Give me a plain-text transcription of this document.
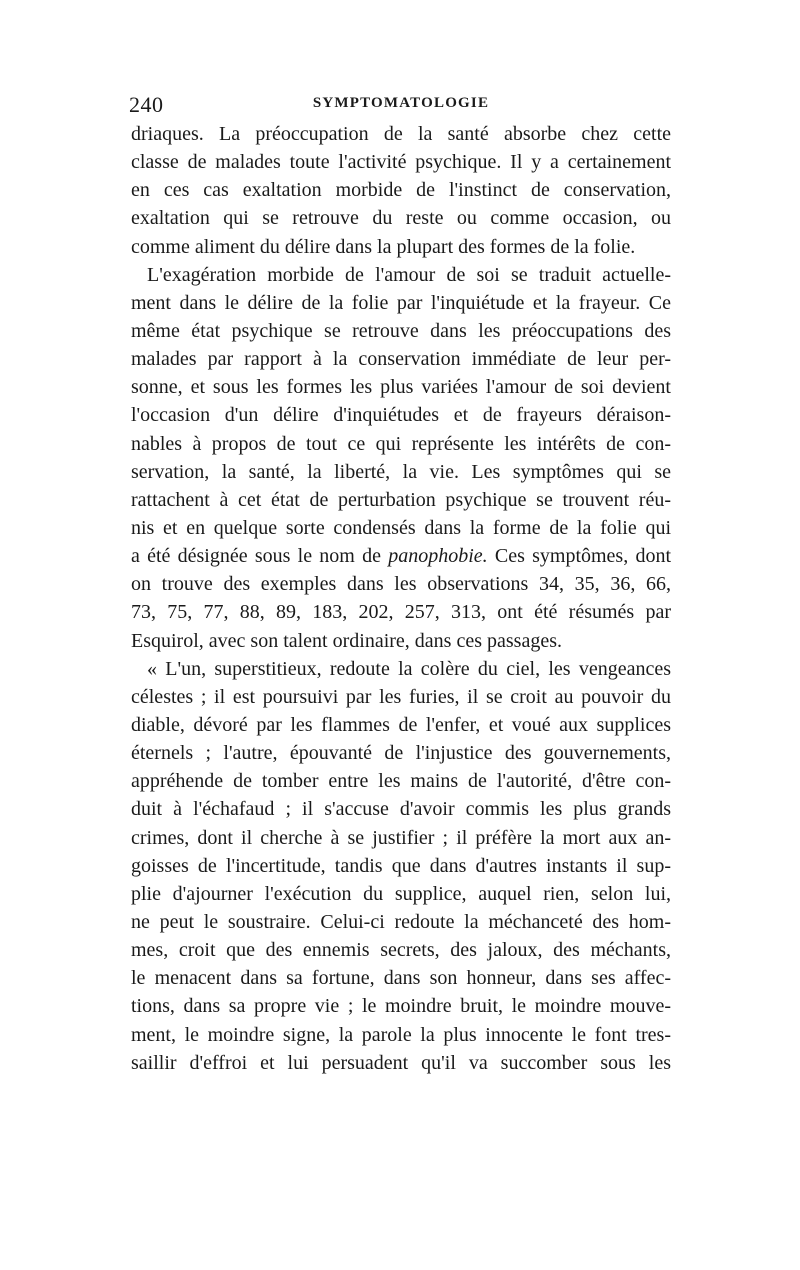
240	SYMPTOMATOLOGIE
driaques. La préoccupation de la santé absorbe chez cette
classe de malades toute l'activité psychique. Il y a certainement
en ces cas exaltation morbide de l'instinct de conservation,
exaltation qui se retrouve du reste ou comme occasion, ou
comme aliment du délire dans la plupart des formes de la folie.
L'exagération morbide de l'amour de soi se traduit actuelle-
ment dans le délire de la folie par l'inquiétude et la frayeur. Ce
même état psychique se retrouve dans les préoccupations des
malades par rapport à la conservation immédiate de leur per-
sonne, et sous les formes les plus variées l'amour de soi devient
l'occasion d'un délire d'inquiétudes et de frayeurs déraison-
nables à propos de tout ce qui représente les intérêts de con-
servation, la santé, la liberté, la vie. Les symptômes qui se
rattachent à cet état de perturbation psychique se trouvent réu-
nis et en quelque sorte condensés dans la forme de la folie qui
a été désignée sous le nom de panophobie. Ces symptômes, dont
on trouve des exemples dans les observations 34, 35, 36, 66,
73, 75, 77, 88, 89, 183, 202, 257, 313, ont été résumés par
Esquirol, avec son talent ordinaire, dans ces passages.
« L'un, superstitieux, redoute la colère du ciel, les vengeances
célestes ; il est poursuivi par les furies, il se croit au pouvoir du
diable, dévoré par les flammes de l'enfer, et voué aux supplices
éternels ; l'autre, épouvanté de l'injustice des gouvernements,
appréhende de tomber entre les mains de l'autorité, d'être con-
duit à l'échafaud ; il s'accuse d'avoir commis les plus grands
crimes, dont il cherche à se justifier ; il préfère la mort aux an-
goisses de l'incertitude, tandis que dans d'autres instants il sup-
plie d'ajourner l'exécution du supplice, auquel rien, selon lui,
ne peut le soustraire. Celui-ci redoute la méchanceté des hom-
mes, croit que des ennemis secrets, des jaloux, des méchants,
le menacent dans sa fortune, dans son honneur, dans ses affec-
tions, dans sa propre vie ; le moindre bruit, le moindre mouve-
ment, le moindre signe, la parole la plus innocente le font tres-
saillir d'effroi et lui persuadent qu'il va succomber sous les
